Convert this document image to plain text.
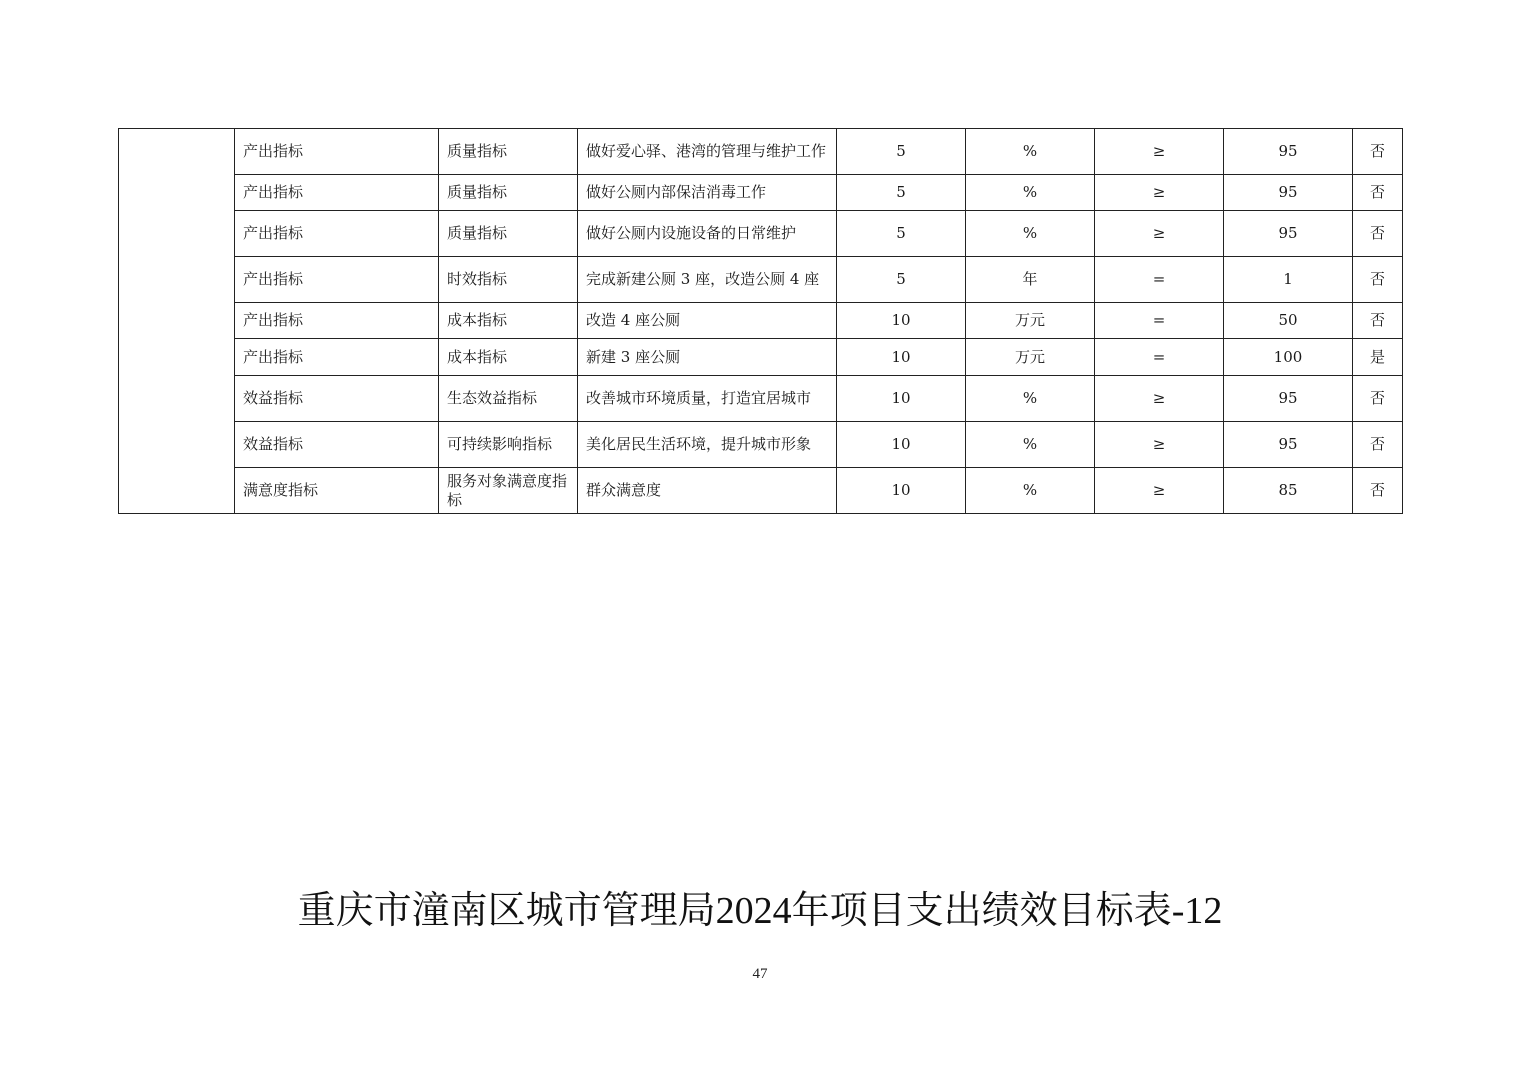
	产出指标	质量指标	做好爱心驿、港湾的管理与维护工作	5	%	≥	95	否
	产出指标	质量指标	做好公厕内部保洁消毒工作	5	%	≥	95	否
	产出指标	质量指标	做好公厕内设施设备的日常维护	5	%	≥	95	否
	产出指标	时效指标	完成新建公厕 3 座，改造公厕 4 座	5	年	=	1	否
	产出指标	成本指标	改造 4 座公厕	10	万元	=	50	否
	产出指标	成本指标	新建 3 座公厕	10	万元	=	100	是
	效益指标	生态效益指标	改善城市环境质量，打造宜居城市	10	%	≥	95	否
	效益指标	可持续影响指标	美化居民生活环境，提升城市形象	10	%	≥	95	否
	满意度指标	服务对象满意度指标	群众满意度	10	%	≥	85	否
重庆市潼南区城市管理局2024年项目支出绩效目标表-12
47
